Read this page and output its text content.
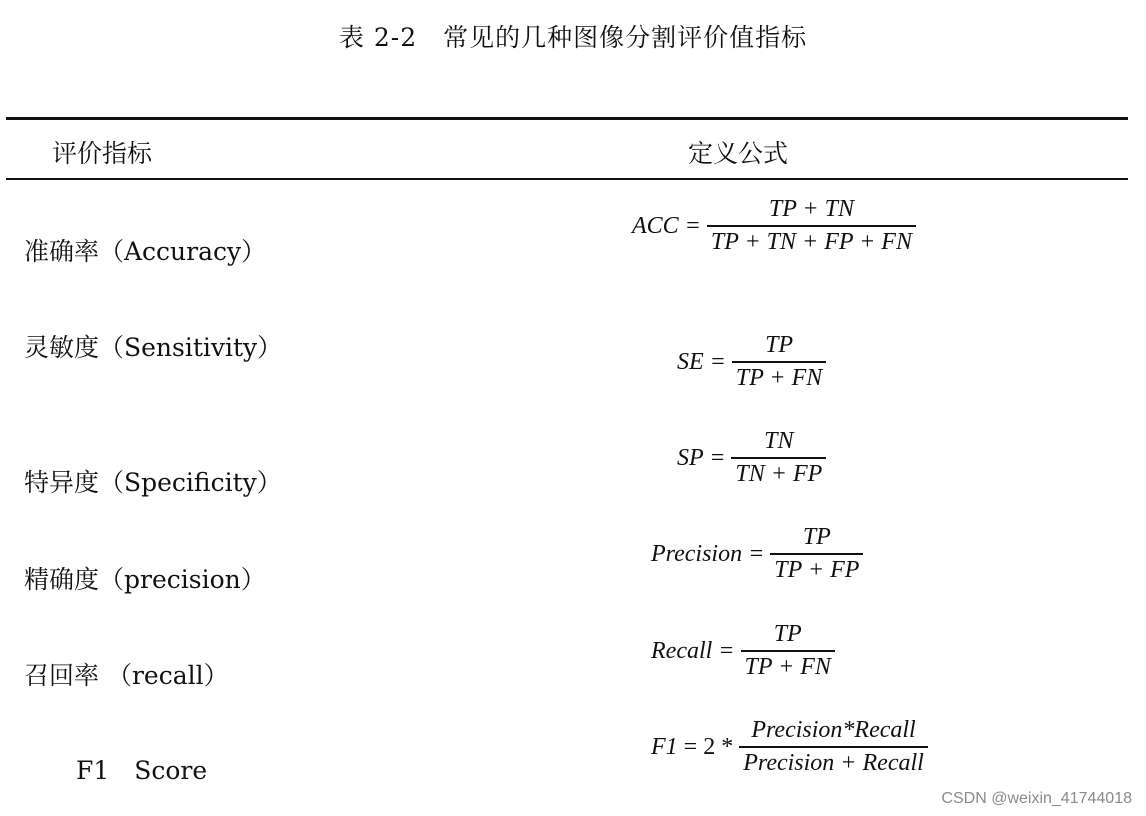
表 2-2　常见的几种图像分割评价值指标
评价指标	定义公式
准确率（Accuracy）
ACC = $\frac{TP + TN}{TP + TN + FP + FN}$
灵敏度（Sensitivity）	SE = $\frac{TP}{TP + FN}$
特异度（Specificity）
SP = $\frac{TN}{TN + FP}$
精确度（precision）
Precision = $\frac{TP}{TP + FP}$
召回率 （recall）
Recall = $\frac{TP}{TP + FN}$
F1　Score
$F1 = 2 * \frac{\text{Precision*Recall}}{\text{Precision + Recall}}$
CSDN @weixin_41744018
